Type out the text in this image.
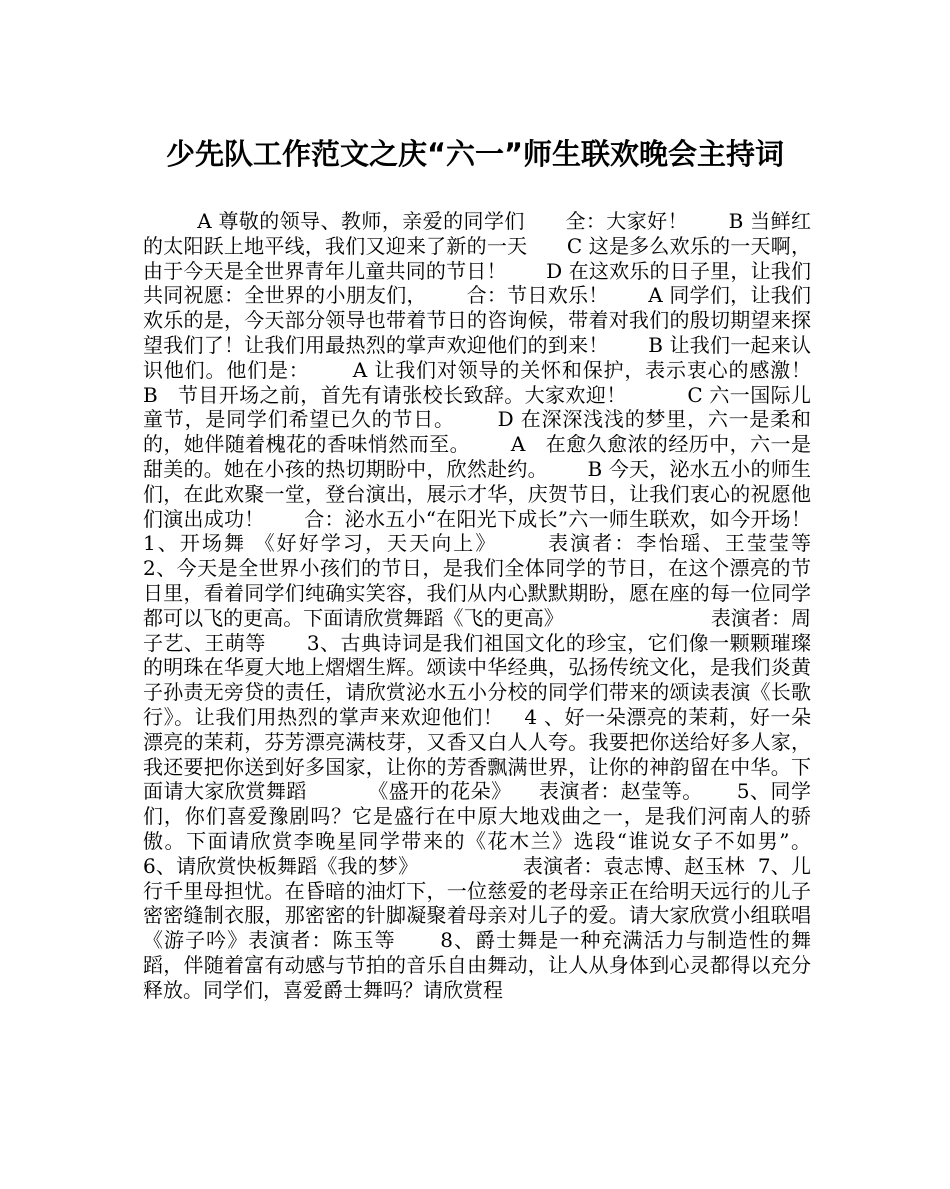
少先队工作范文之庆“六一”师生联欢晚会主持词

A 尊敬的领导、教师，亲爱的同学们      全：大家好！      B 当鲜红的太阳跃上地平线，我们又迎来了新的一天      C 这是多么欢乐的一天啊，由于今天是全世界青年儿童共同的节日！      D 在这欢乐的日子里，让我们共同祝愿：全世界的小朋友们，      合：节日欢乐！      A 同学们，让我们欢乐的是，今天部分领导也带着节日的咨询候，带着对我们的殷切期望来探望我们了！让我们用最热烈的掌声欢迎他们的到来！      B 让我们一起来认识他们。他们是：      A 让我们对领导的关怀和保护，表示衷心的感激！      B   节目开场之前，首先有请张校长致辞。大家欢迎！         C 六一国际儿童节，是同学们希望已久的节日。      D 在深深浅浅的梦里，六一是柔和的，她伴随着槐花的香味悄然而至。      A   在愈久愈浓的经历中，六一是甜美的。她在小孩的热切期盼中，欣然赴约。      B 今天，泌水五小的师生们，在此欢聚一堂，登台演出，展示才华，庆贺节日，让我们衷心的祝愿他们演出成功！      合：泌水五小“在阳光下成长”六一师生联欢，如今开场！         1、开场舞 《好好学习，天天向上》      表演者：李怡瑶、王莹莹等      2、今天是全世界小孩们的节日，是我们全体同学的节日，在这个漂亮的节日里，看着同学们纯确实笑容，我们从内心默默期盼，愿在座的每一位同学都可以飞的更高。下面请欣赏舞蹈《飞的更高》                       表演者：周子艺、王萌等      3、古典诗词是我们祖国文化的珍宝，它们像一颗颗璀璨的明珠在华夏大地上熠熠生辉。颂读中华经典，弘扬传统文化，是我们炎黄子孙责无旁贷的责任，请欣赏泌水五小分校的同学们带来的颂读表演《长歌行》。让我们用热烈的掌声来欢迎他们！   4 、好一朵漂亮的茉莉，好一朵漂亮的茉莉，芬芳漂亮满枝芽，又香又白人人夸。我要把你送给好多人家，我还要把你送到好多国家，让你的芳香飘满世界，让你的神韵留在中华。下面请大家欣赏舞蹈         《盛开的花朵》    表演者：赵莹等。     5、同学们，你们喜爱豫剧吗？它是盛行在中原大地戏曲之一，是我们河南人的骄傲。下面请欣赏李晚星同学带来的《花木兰》选段“谁说女子不如男”。     6、请欣赏快板舞蹈《我的梦》                表演者：袁志博、赵玉林  7、儿行千里母担忧。在昏暗的油灯下，一位慈爱的老母亲正在给明天远行的儿子密密缝制衣服，那密密的针脚凝聚着母亲对儿子的爱。请大家欣赏小组联唱《游子吟》表演者：陈玉等      8、爵士舞是一种充满活力与制造性的舞蹈，伴随着富有动感与节拍的音乐自由舞动，让人从身体到心灵都得以充分释放。同学们，喜爱爵士舞吗？请欣赏程
